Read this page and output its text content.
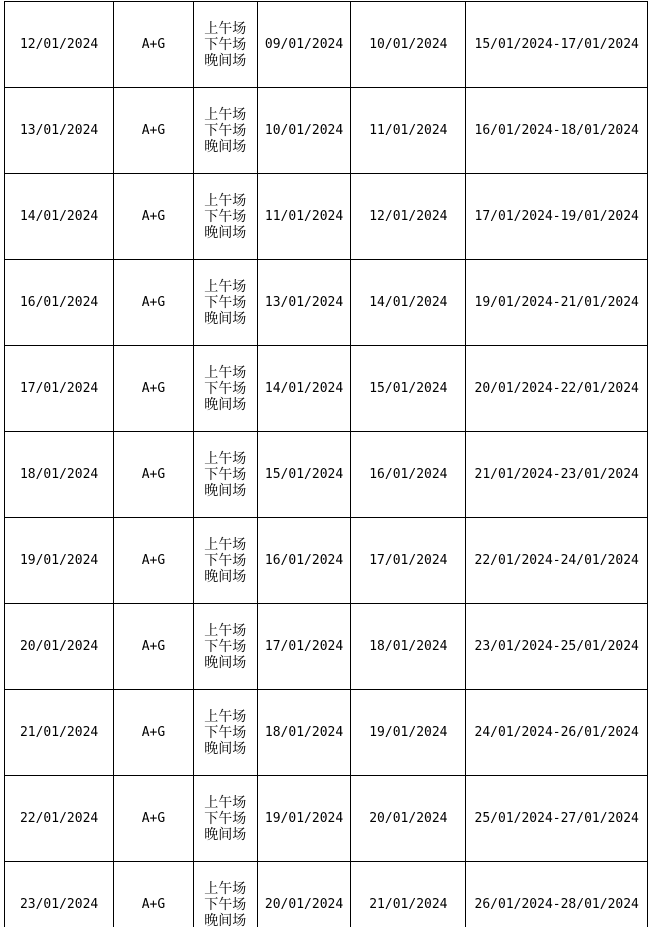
12/01/2024	A+G	上午场 下午场 晚间场	09/01/2024	10/01/2024	15/01/2024-17/01/2024
13/01/2024	A+G	上午场 下午场 晚间场	10/01/2024	11/01/2024	16/01/2024-18/01/2024
14/01/2024	A+G	上午场 下午场 晚间场	11/01/2024	12/01/2024	17/01/2024-19/01/2024
16/01/2024	A+G	上午场 下午场 晚间场	13/01/2024	14/01/2024	19/01/2024-21/01/2024
17/01/2024	A+G	上午场 下午场 晚间场	14/01/2024	15/01/2024	20/01/2024-22/01/2024
18/01/2024	A+G	上午场 下午场 晚间场	15/01/2024	16/01/2024	21/01/2024-23/01/2024
19/01/2024	A+G	上午场 下午场 晚间场	16/01/2024	17/01/2024	22/01/2024-24/01/2024
20/01/2024	A+G	上午场 下午场 晚间场	17/01/2024	18/01/2024	23/01/2024-25/01/2024
21/01/2024	A+G	上午场 下午场 晚间场	18/01/2024	19/01/2024	24/01/2024-26/01/2024
22/01/2024	A+G	上午场 下午场 晚间场	19/01/2024	20/01/2024	25/01/2024-27/01/2024
23/01/2024	A+G	上午场 下午场 晚间场	20/01/2024	21/01/2024	26/01/2024-28/01/2024
